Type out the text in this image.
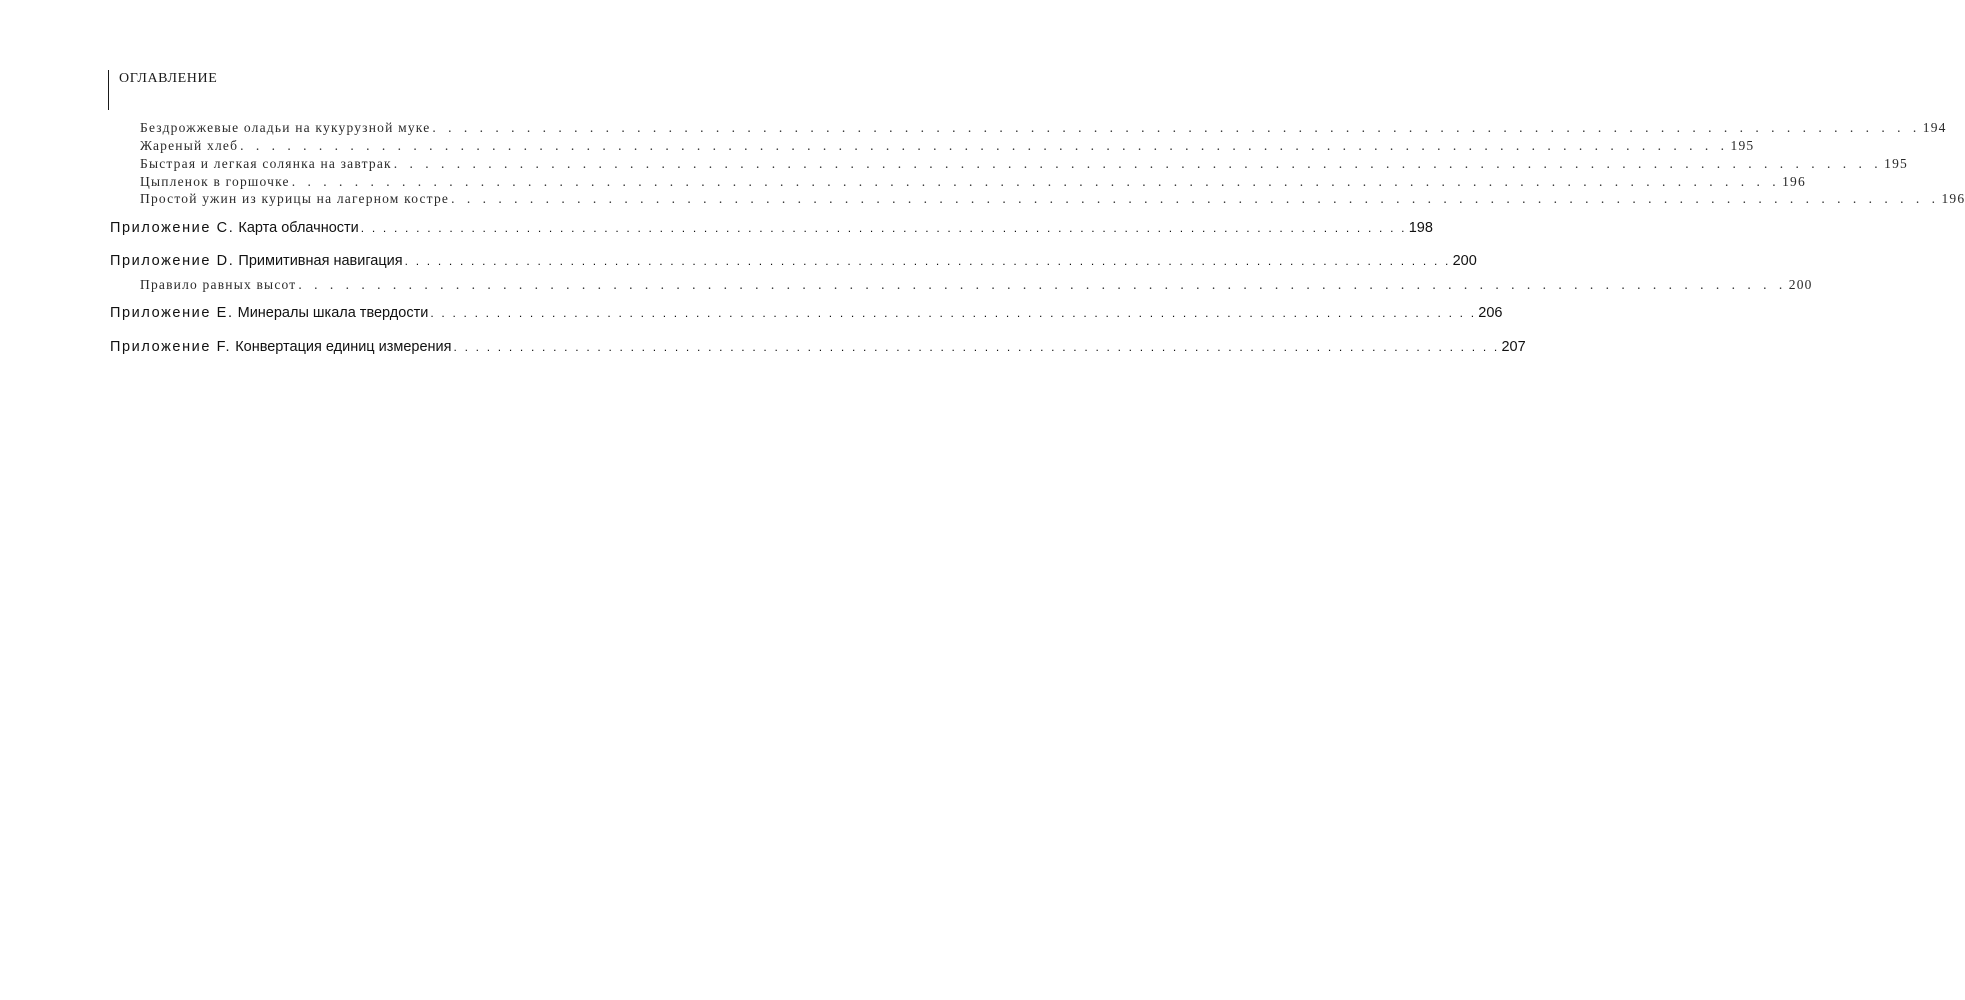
ОГЛАВЛЕНИЕ
Бездрожжевые оладьи на кукурузной муке . . . . . . . . . . . . . . . . . . . . . . . . . . . . . . . . . . . . . . . . . . . . . . . . . . . . . . . . . . . . . . . . . . . . . . . . . . . . . . . . . . . . . . . . . . . . . . . 194
Жареный хлеб . . . . . . . . . . . . . . . . . . . . . . . . . . . . . . . . . . . . . . . . . . . . . . . . . . . . . . . . . . . . . . . . . . . . . . . . . . . . . . . . . . . . . . . . . . . . . . . 195
Быстрая и легкая солянка на завтрак . . . . . . . . . . . . . . . . . . . . . . . . . . . . . . . . . . . . . . . . . . . . . . . . . . . . . . . . . . . . . . . . . . . . . . . . . . . . . . . . . . . . . . . . . . . . . . . 195
Цыпленок в горшочке . . . . . . . . . . . . . . . . . . . . . . . . . . . . . . . . . . . . . . . . . . . . . . . . . . . . . . . . . . . . . . . . . . . . . . . . . . . . . . . . . . . . . . . . . . . . . . . 196
Простой ужин из курицы на лагерном костре . . . . . . . . . . . . . . . . . . . . . . . . . . . . . . . . . . . . . . . . . . . . . . . . . . . . . . . . . . . . . . . . . . . . . . . . . . . . . . . . . . . . . . . . . . . . . . . 196
Приложение C. Карта облачности . . . . . . . . . . . . . . . . . . . . . . . . . . . . . . . . . . . . . . . . . . . . . . . . . . . . . . . . . . . . . . . . . . . . . . . . . . . . . . . . . . . . . . . . . . . . . . . 198
Приложение D. Примитивная навигация . . . . . . . . . . . . . . . . . . . . . . . . . . . . . . . . . . . . . . . . . . . . . . . . . . . . . . . . . . . . . . . . . . . . . . . . . . . . . . . . . . . . . . . . . . . . . . . 200
Правило равных высот . . . . . . . . . . . . . . . . . . . . . . . . . . . . . . . . . . . . . . . . . . . . . . . . . . . . . . . . . . . . . . . . . . . . . . . . . . . . . . . . . . . . . . . . . . . . . . . 200
Приложение E. Минералы шкала твердости . . . . . . . . . . . . . . . . . . . . . . . . . . . . . . . . . . . . . . . . . . . . . . . . . . . . . . . . . . . . . . . . . . . . . . . . . . . . . . . . . . . . . . . . . . . . . . . 206
Приложение F. Конвертация единиц измерения . . . . . . . . . . . . . . . . . . . . . . . . . . . . . . . . . . . . . . . . . . . . . . . . . . . . . . . . . . . . . . . . . . . . . . . . . . . . . . . . . . . . . . . . . . . . . . . 207
